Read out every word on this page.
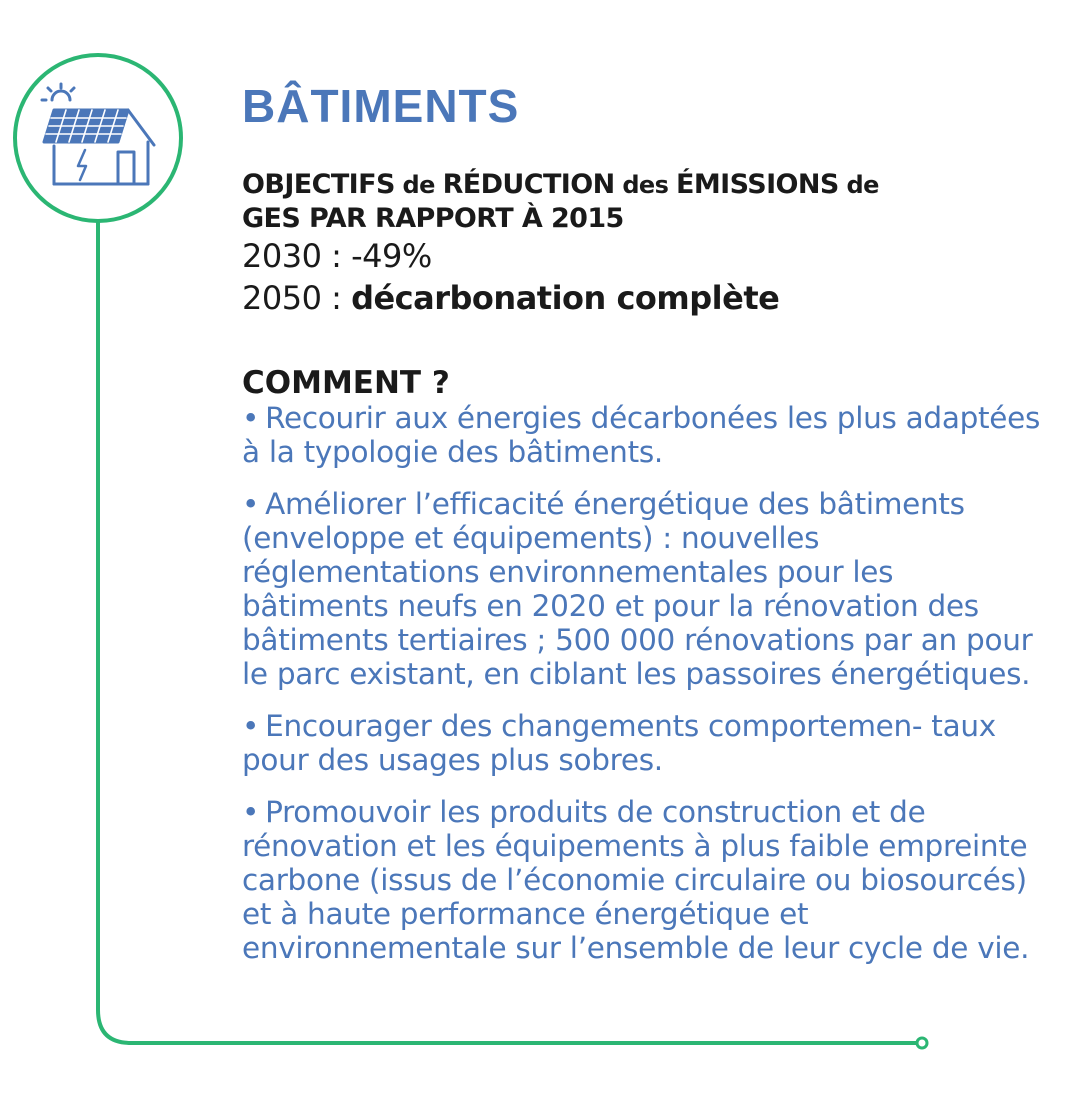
BÂTIMENTS

OBJECTIFS de RÉDUCTION des ÉMISSIONS de
GES PAR RAPPORT À 2015

2030 : -49%

2050 : décarbonation complète

COMMENT ?
• Recourir aux énergies décarbonées les plus adaptées à la typologie des bâtiments.
• Améliorer l’efficacité énergétique des bâtiments (enveloppe et équipements) : nouvelles réglementations environnementales pour les bâtiments neufs en 2020 et pour la rénovation des bâtiments tertiaires ; 500 000 rénovations par an pour le parc existant, en ciblant les passoires énergétiques.
• Encourager des changements comportemen- taux pour des usages plus sobres.
• Promouvoir les produits de construction et de rénovation et les équipements à plus faible empreinte carbone (issus de l’économie circulaire ou biosourcés) et à haute performance énergétique et environnementale sur l’ensemble de leur cycle de vie.
